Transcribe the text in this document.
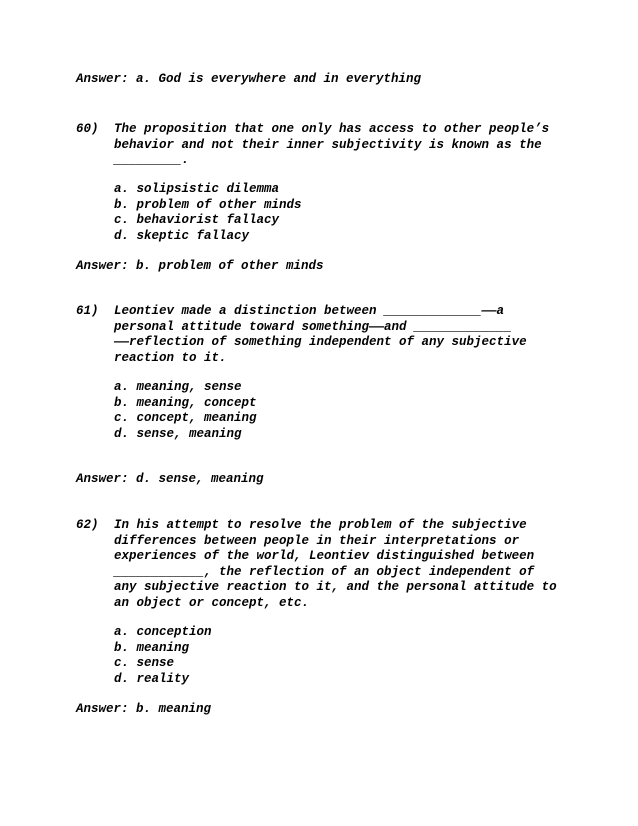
Answer: a. God is everywhere and in everything
60) The proposition that one only has access to other people’s
behavior and not their inner subjectivity is known as the
_________.
a. solipsistic dilemma
b. problem of other minds
c. behaviorist fallacy
d. skeptic fallacy
Answer: b. problem of other minds
61) Leontiev made a distinction between _____________——a
personal attitude toward something——and _____________
——reflection of something independent of any subjective
reaction to it.
a. meaning, sense
b. meaning, concept
c. concept, meaning
d. sense, meaning
Answer: d. sense, meaning
62) In his attempt to resolve the problem of the subjective
differences between people in their interpretations or
experiences of the world, Leontiev distinguished between
____________, the reflection of an object independent of
any subjective reaction to it, and the personal attitude to
an object or concept, etc.
a. conception
b. meaning
c. sense
d. reality
Answer: b. meaning
